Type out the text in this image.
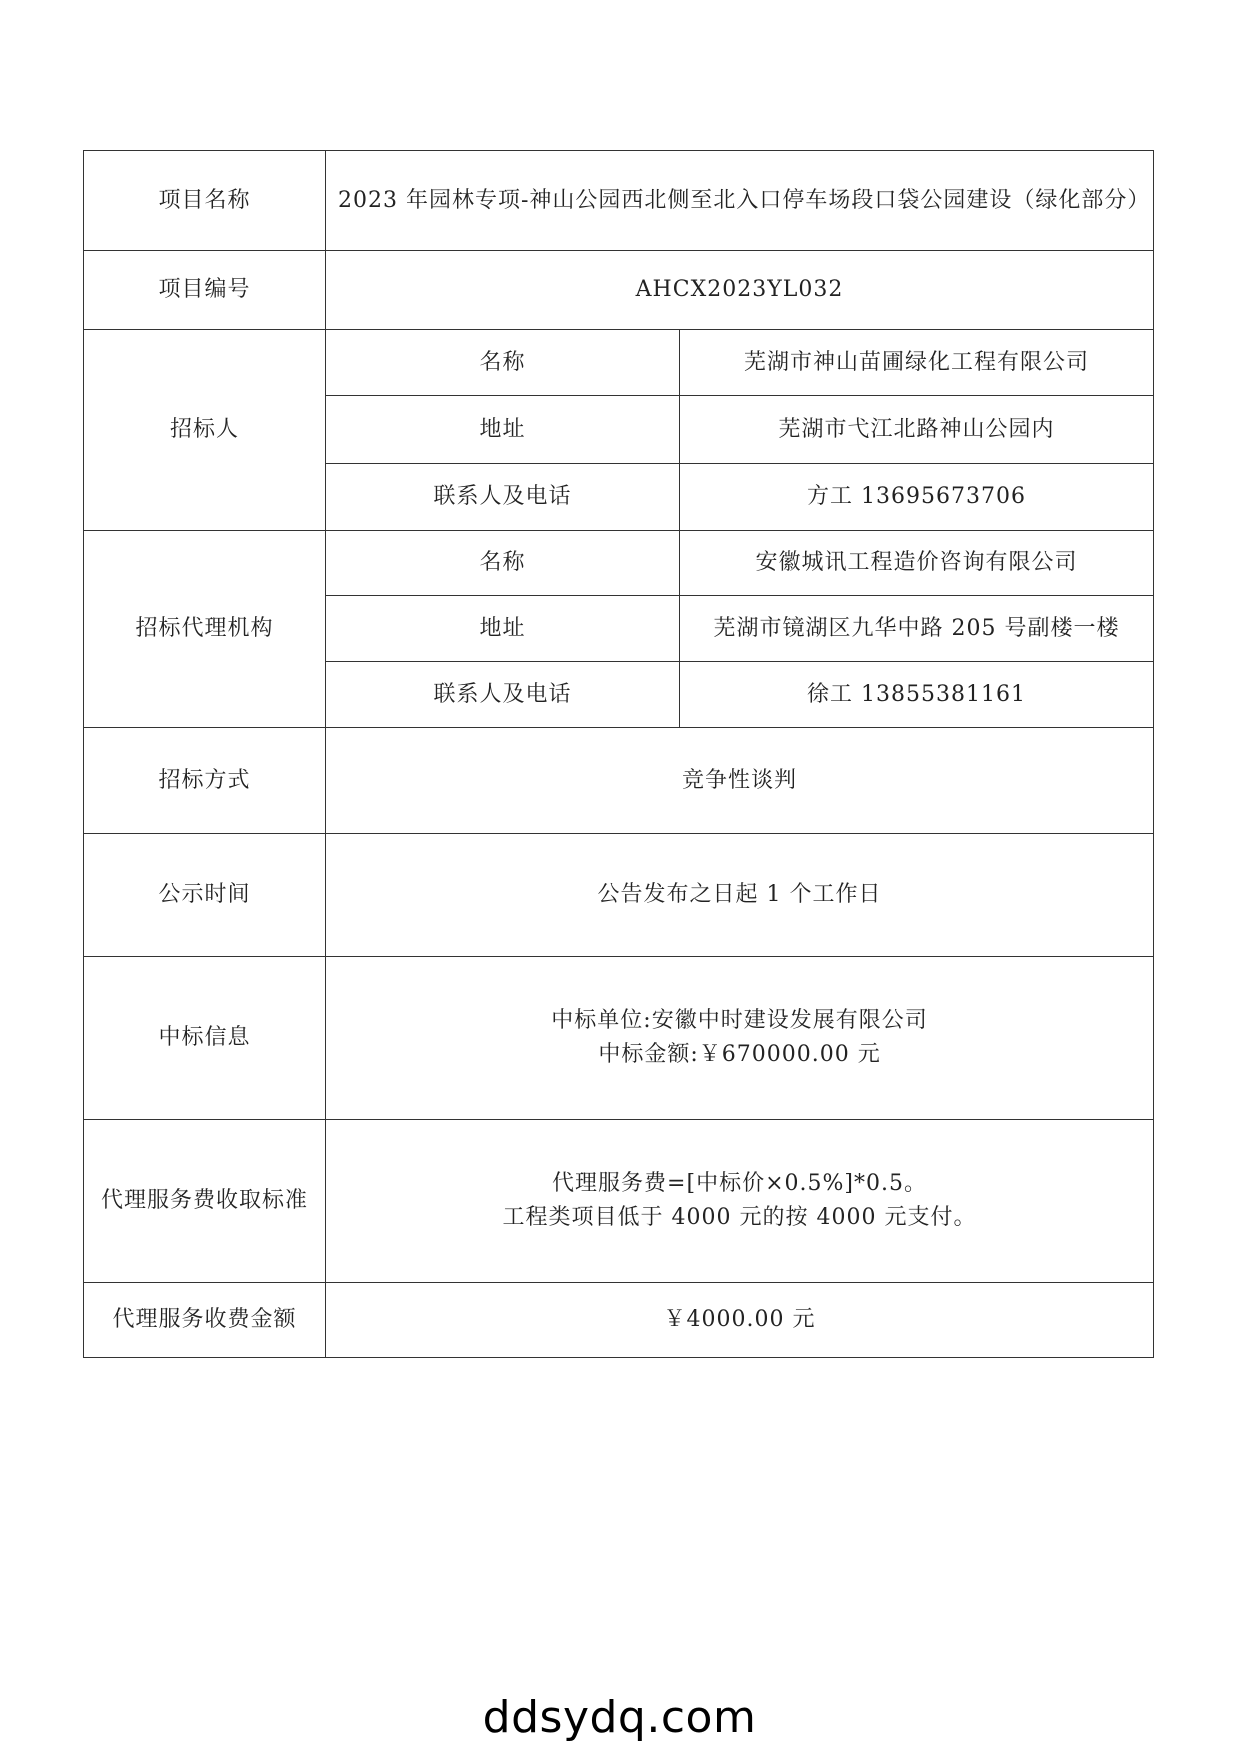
项目名称	2023 年园林专项-神山公园西北侧至北入口停车场段口袋公园建设（绿化部分）	
项目编号	AHCX2023YL032	
招标人	名称	芜湖市神山苗圃绿化工程有限公司
	地址	芜湖市弋江北路神山公园内
	联系人及电话	方工 13695673706
招标代理机构	名称	安徽城讯工程造价咨询有限公司
	地址	芜湖市镜湖区九华中路 205 号副楼一楼
	联系人及电话	徐工 13855381161
招标方式	竞争性谈判	
公示时间	公告发布之日起 1 个工作日	
中标信息	中标单位:安徽中时建设发展有限公司
中标金额:￥670000.00 元	
代理服务费收取标准	代理服务费=[中标价×0.5%]*0.5。
工程类项目低于 4000 元的按 4000 元支付。	
代理服务收费金额	￥4000.00 元	
ddsydq.com
